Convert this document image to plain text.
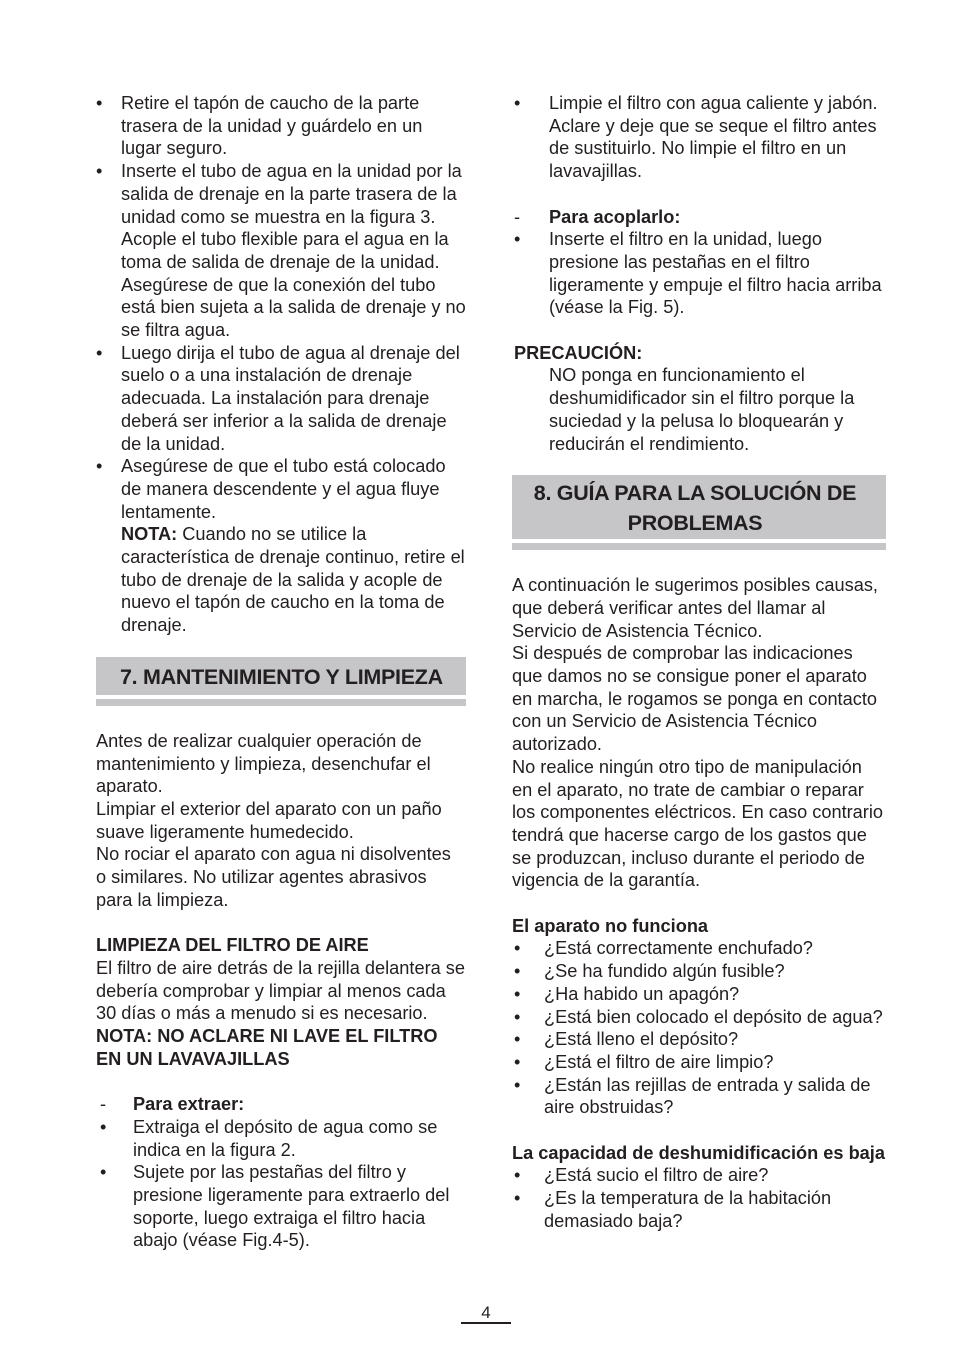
•	Retire el tapón de caucho de la parte trasera de la unidad y guárdelo en un lugar seguro.
•	Inserte el tubo de agua en la unidad por la salida de drenaje en la parte trasera de la unidad como se muestra en la figura 3. Acople el tubo flexible para el agua en la toma de salida de drenaje de la unidad. Asegúrese de que la conexión del tubo está bien sujeta a la salida de drenaje y no se filtra agua.
•	Luego dirija el tubo de agua al drenaje del suelo o a una instalación de drenaje adecuada. La instalación para drenaje deberá ser inferior a la salida de drenaje de la unidad.
•	Asegúrese de que el tubo está colocado de manera descendente y el agua fluye lentamente.

NOTA: Cuando no se utilice la característica de drenaje continuo, retire el tubo de drenaje de la salida y acople de nuevo el tapón de caucho en la toma de drenaje.

7. MANTENIMIENTO Y LIMPIEZA

Antes de realizar cualquier operación de mantenimiento y limpieza, desenchufar el aparato.

Limpiar el exterior del aparato con un paño suave ligeramente humedecido.

No rociar el aparato con agua ni disolventes o similares. No utilizar agentes abrasivos para la limpieza.

LIMPIEZA DEL FILTRO DE AIRE

El filtro de aire detrás de la rejilla delantera se debería comprobar y limpiar al menos cada 30 días o más a menudo si es necesario.

NOTA: NO ACLARE NI LAVE EL FILTRO EN UN LAVAVAJILLAS

-	Para extraer:
•	Extraiga el depósito de agua como se indica en la figura 2.
•	Sujete por las pestañas del filtro y presione ligeramente para extraerlo del soporte, luego extraiga el filtro hacia abajo (véase Fig.4-5).
•	Limpie el filtro con agua caliente y jabón. Aclare y deje que se seque el filtro antes de sustituirlo. No limpie el filtro en un lavavajillas.
-	Para acoplarlo:
•	Inserte el filtro en la unidad, luego presione las pestañas en el filtro ligeramente y empuje el filtro hacia arriba (véase la Fig. 5).

PRECAUCIÓN:

NO ponga en funcionamiento el deshumidificador sin el filtro porque la suciedad y la pelusa lo bloquearán y reducirán el rendimiento.

8. GUÍA PARA LA SOLUCIÓN DE
PROBLEMAS

A continuación le sugerimos posibles causas, que deberá verificar antes del llamar al Servicio de Asistencia Técnico.

Si después de comprobar las indicaciones que damos no se consigue poner el aparato en marcha, le rogamos se ponga en contacto con un Servicio de Asistencia Técnico autorizado.

No realice ningún otro tipo de manipulación en el aparato, no trate de cambiar o reparar los componentes eléctricos. En caso contrario tendrá que hacerse cargo de los gastos que se produzcan, incluso durante el periodo de vigencia de la garantía.

El aparato no funciona

•	¿Está correctamente enchufado?
•	¿Se ha fundido algún fusible?
•	¿Ha habido un apagón?
•	¿Está bien colocado el depósito de agua?
•	¿Está lleno el depósito?
•	¿Está el filtro de aire limpio?
•	¿Están las rejillas de entrada y salida de aire obstruidas?

La capacidad de deshumidificación es baja

•	¿Está sucio el filtro de aire?
•	¿Es la temperatura de la habitación demasiado baja?
4
